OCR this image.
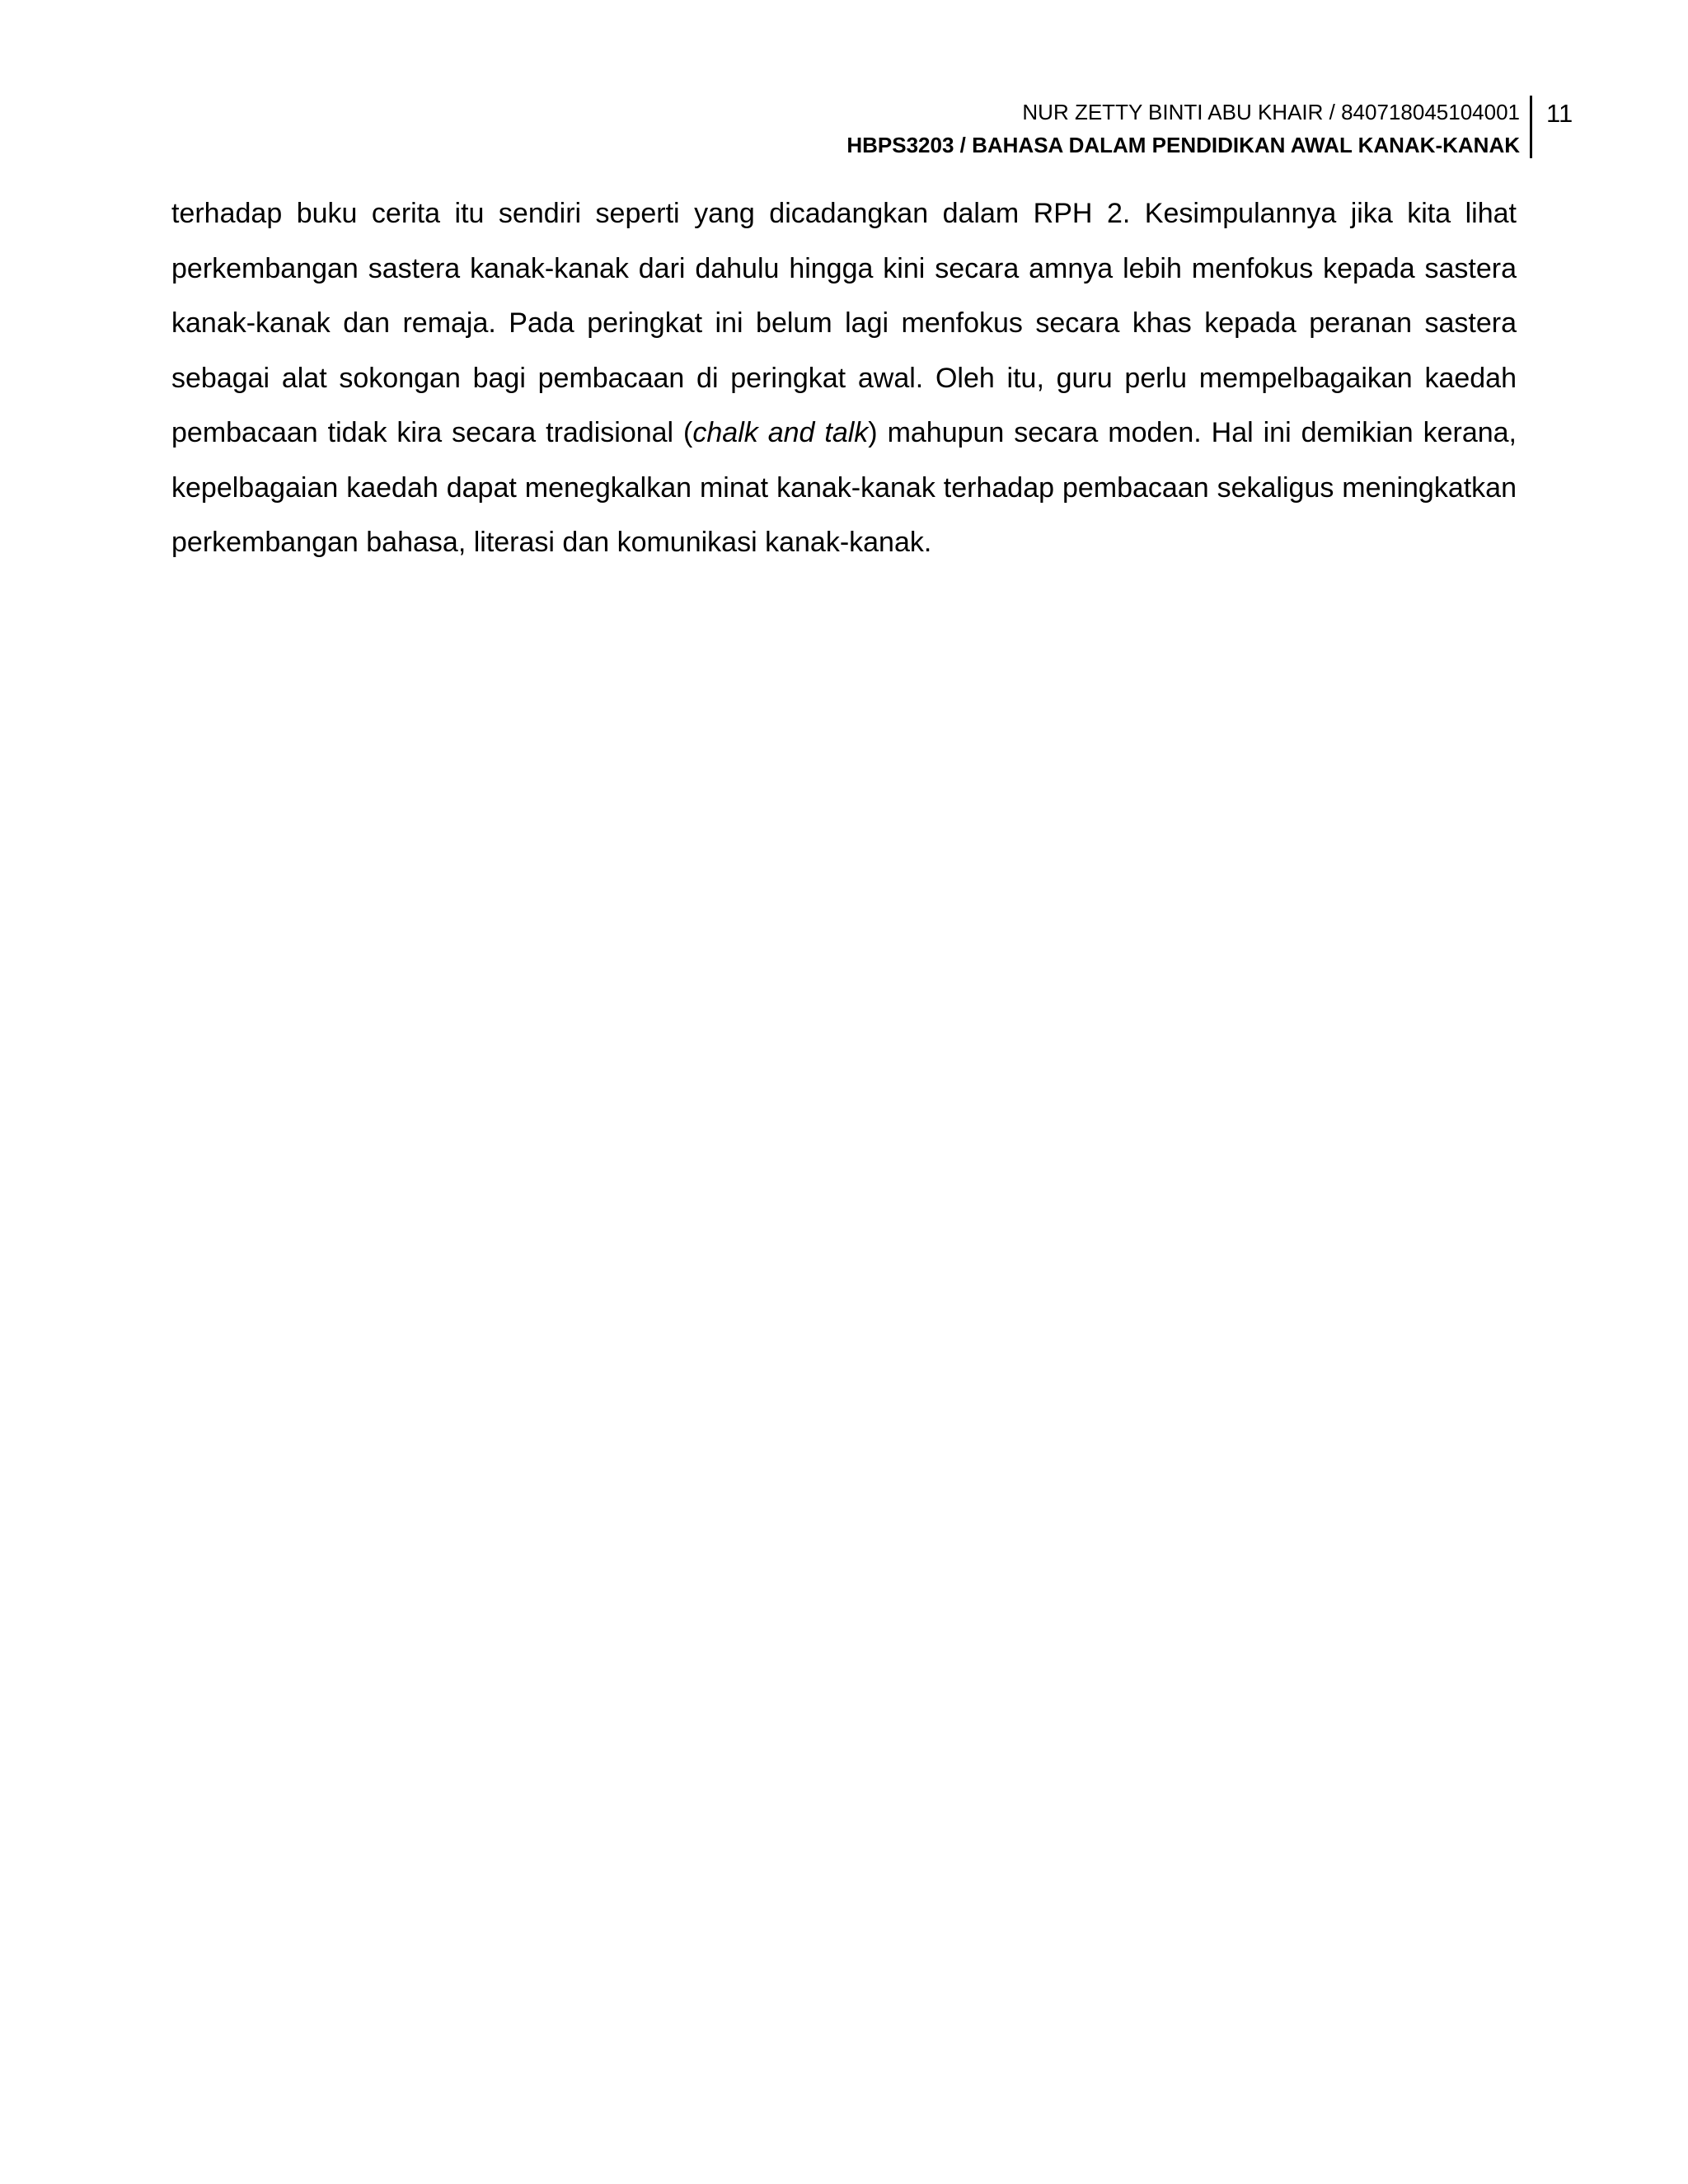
NUR ZETTY BINTI ABU KHAIR / 840718045104001
HBPS3203 / BAHASA DALAM PENDIDIKAN AWAL KANAK-KANAK
11

terhadap buku cerita itu sendiri seperti yang dicadangkan dalam RPH 2. Kesimpulannya jika kita lihat perkembangan sastera kanak-kanak dari dahulu hingga kini secara amnya lebih menfokus kepada sastera kanak-kanak dan remaja. Pada peringkat ini belum lagi menfokus secara khas kepada peranan sastera sebagai alat sokongan bagi pembacaan di peringkat awal. Oleh itu, guru perlu mempelbagaikan kaedah pembacaan tidak kira secara tradisional (chalk and talk) mahupun secara moden. Hal ini demikian kerana, kepelbagaian kaedah dapat menegkalkan minat kanak-kanak terhadap pembacaan sekaligus meningkatkan perkembangan bahasa, literasi dan komunikasi kanak-kanak.
